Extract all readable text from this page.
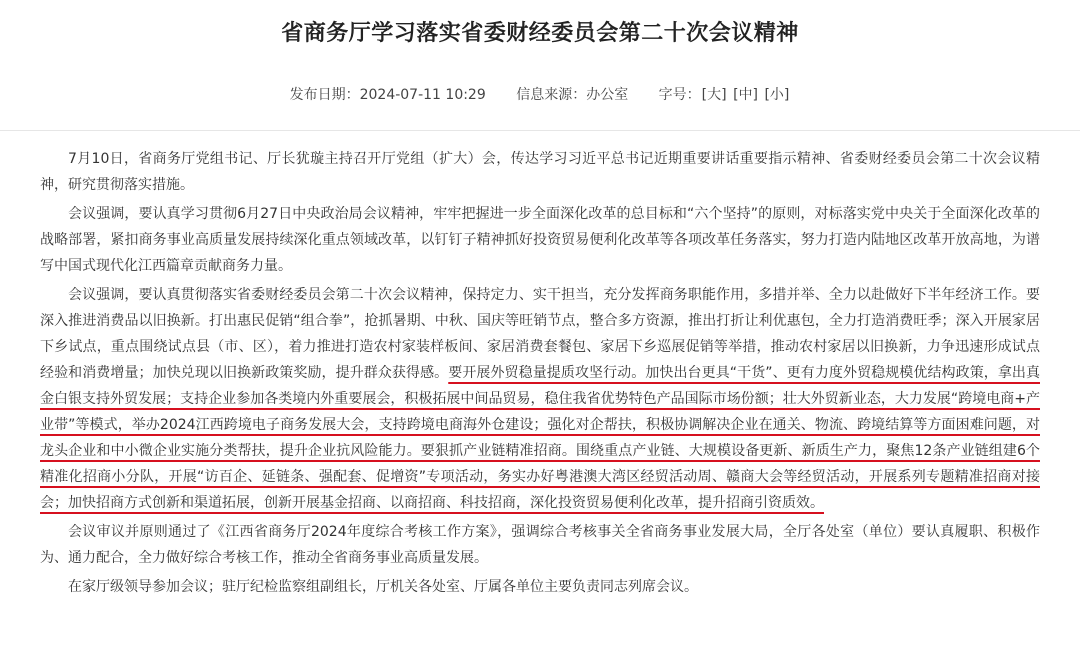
省商务厅学习落实省委财经委员会第二十次会议精神
发布日期：2024-07-11 10:29 信息来源：办公室 字号：[大] [中] [小]

7月10日，省商务厅党组书记、厅长犹璇主持召开厅党组（扩大）会，传达学习习近平总书记近期重要讲话重要指示精神、省委财经委员会第二十次会议精神，研究贯彻落实措施。

会议强调，要认真学习贯彻6月27日中央政治局会议精神，牢牢把握进一步全面深化改革的总目标和“六个坚持”的原则，对标落实党中央关于全面深化改革的战略部署，紧扣商务事业高质量发展持续深化重点领域改革，以钉钉子精神抓好投资贸易便利化改革等各项改革任务落实，努力打造内陆地区改革开放高地，为谱写中国式现代化江西篇章贡献商务力量。

会议强调，要认真贯彻落实省委财经委员会第二十次会议精神，保持定力、实干担当，充分发挥商务职能作用，多措并举、全力以赴做好下半年经济工作。要深入推进消费品以旧换新。打出惠民促销“组合拳”，抢抓暑期、中秋、国庆等旺销节点，整合多方资源，推出打折让利优惠包，全力打造消费旺季；深入开展家居下乡试点，重点围绕试点县（市、区），着力推进打造农村家装样板间、家居消费套餐包、家居下乡巡展促销等举措，推动农村家居以旧换新，力争迅速形成试点经验和消费增量；加快兑现以旧换新政策奖励，提升群众获得感。要开展外贸稳量提质攻坚行动。加快出台更具“干货”、更有力度外贸稳规模优结构政策，拿出真金白银支持外贸发展；支持企业参加各类境内外重要展会，积极拓展中间品贸易，稳住我省优势特色产品国际市场份额；壮大外贸新业态，大力发展“跨境电商+产业带”等模式，举办2024江西跨境电子商务发展大会，支持跨境电商海外仓建设；强化对企帮扶，积极协调解决企业在通关、物流、跨境结算等方面困难问题，对龙头企业和中小微企业实施分类帮扶，提升企业抗风险能力。要狠抓产业链精准招商。围绕重点产业链、大规模设备更新、新质生产力，聚焦12条产业链组建6个精准化招商小分队，开展“访百企、延链条、强配套、促增资”专项活动，务实办好粤港澳大湾区经贸活动周、赣商大会等经贸活动，开展系列专题精准招商对接会；加快招商方式创新和渠道拓展，创新开展基金招商、以商招商、科技招商，深化投资贸易便利化改革，提升招商引资质效。

会议审议并原则通过了《江西省商务厅2024年度综合考核工作方案》，强调综合考核事关全省商务事业发展大局，全厅各处室（单位）要认真履职、积极作为、通力配合，全力做好综合考核工作，推动全省商务事业高质量发展。

在家厅级领导参加会议；驻厅纪检监察组副组长，厅机关各处室、厅属各单位主要负责同志列席会议。
